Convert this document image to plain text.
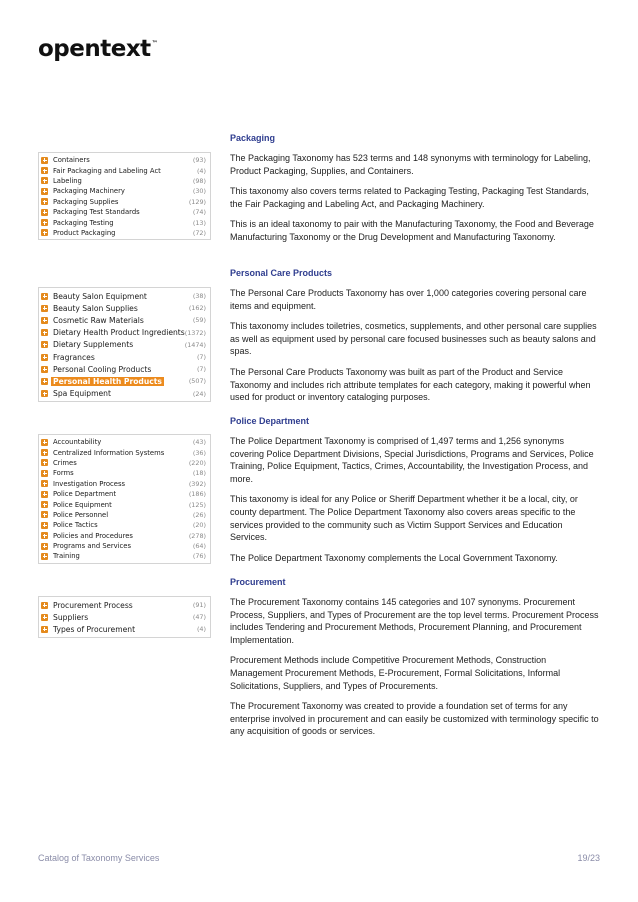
opentext™
Packaging

The Packaging Taxonomy has 523 terms and 148 synonyms with terminology for Labeling, Product Packaging, Supplies, and Containers.

This taxonomy also covers terms related to Packaging Testing, Packaging Test Standards, the Fair Packaging and Labeling Act, and Packaging Machinery.

This is an ideal taxonomy to pair with the Manufacturing Taxonomy, the Food and Beverage Manufacturing Taxonomy or the Drug Development and Manufacturing Taxonomy.

Personal Care Products

The Personal Care Products Taxonomy has over 1,000 categories covering personal care items and equipment.

This taxonomy includes toiletries, cosmetics, supplements, and other personal care supplies as well as equipment used by personal care focused businesses such as beauty salons and spas.

The Personal Care Products Taxonomy was built as part of the Product and Service Taxonomy and includes rich attribute templates for each category, making it powerful when used for product or inventory cataloging purposes.

Police Department

The Police Department Taxonomy is comprised of 1,497 terms and 1,256 synonyms covering Police Department Divisions, Special Jurisdictions, Programs and Services, Police Training, Police Equipment, Tactics, Crimes, Accountability, the Investigation Process, and more.

This taxonomy is ideal for any Police or Sheriff Department whether it be a local, city, or county department. The Police Department Taxonomy also covers areas specific to the services provided to the community such as Victim Support Services and Education Services.

The Police Department Taxonomy complements the Local Government Taxonomy.

Procurement

The Procurement Taxonomy contains 145 categories and 107 synonyms. Procurement Process, Suppliers, and Types of Procurement are the top level terms. Procurement Process includes Tendering and Procurement Methods, Procurement Planning, and Procurement Implementation.

Procurement Methods include Competitive Procurement Methods, Construction Management Procurement Methods, E-Procurement, Formal Solicitations, Informal Solicitations, Suppliers, and Types of Procurements.

The Procurement Taxonomy was created to provide a foundation set of terms for any enterprise involved in procurement and can easily be customized with terminology specific to any acquisition of goods or services.

Containers	(93)
Fair Packaging and Labeling Act	(4)
Labeling	(98)
Packaging Machinery	(30)
Packaging Supplies	(129)
Packaging Test Standards	(74)
Packaging Testing	(13)
Product Packaging	(72)
Beauty Salon Equipment	(38)
Beauty Salon Supplies	(162)
Cosmetic Raw Materials	(59)
Dietary Health Product Ingredients (1372)
Dietary Supplements	(1474)
Fragrances	(7)
Personal Cooling Products	(7)
Personal Health Products	(507)
Spa Equipment	(24)
Accountability	(43)
Centralized Information Systems	(36)
Crimes	(220)
Forms	(18)
Investigation Process	(392)
Police Department	(186)
Police Equipment	(125)
Police Personnel	(26)
Police Tactics	(20)
Policies and Procedures	(278)
Programs and Services	(64)
Training	(76)
Procurement Process	(91)
Suppliers	(47)
Types of Procurement	(4)
Catalog of Taxonomy Services	19/23
